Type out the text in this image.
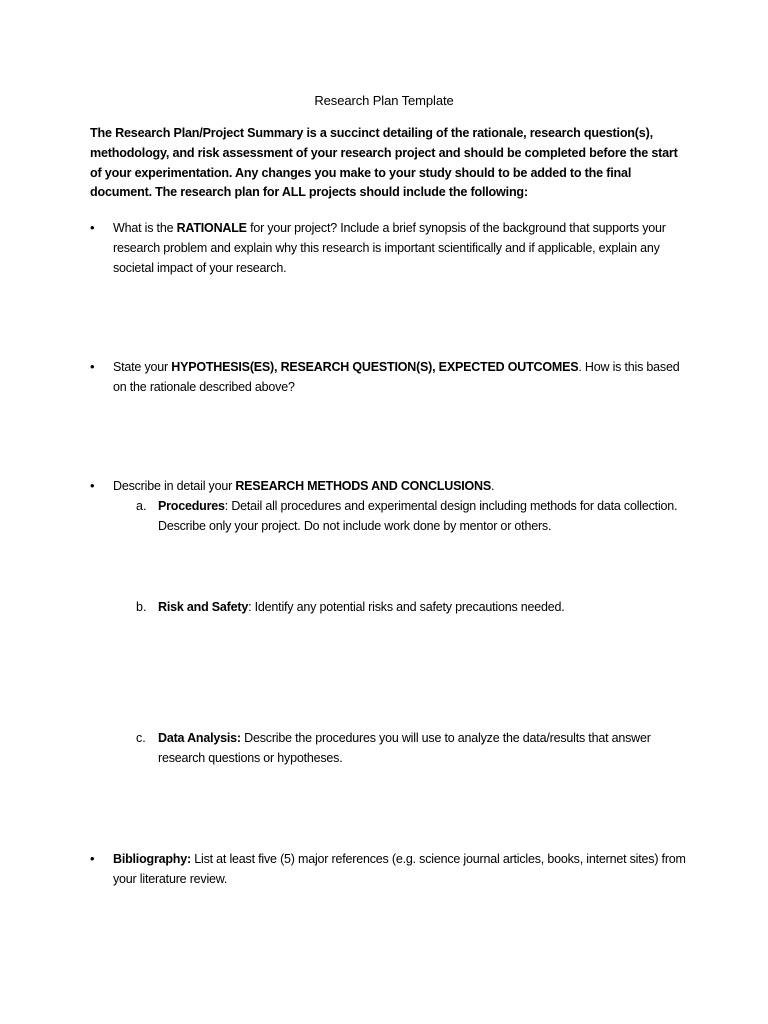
Research Plan Template
The Research Plan/Project Summary is a succinct detailing of the rationale, research question(s), methodology, and risk assessment of your research project and should be completed before the start of your experimentation. Any changes you make to your study should to be added to the final document. The research plan for ALL projects should include the following:
•	What is the RATIONALE for your project? Include a brief synopsis of the background that supports your research problem and explain why this research is important scientifically and if applicable, explain any societal impact of your research.
•	State your HYPOTHESIS(ES), RESEARCH QUESTION(S), EXPECTED OUTCOMES. How is this based on the rationale described above?
•	Describe in detail your RESEARCH METHODS AND CONCLUSIONS.
a. Procedures: Detail all procedures and experimental design including methods for data collection. Describe only your project. Do not include work done by mentor or others.
b. Risk and Safety: Identify any potential risks and safety precautions needed.
c. Data Analysis: Describe the procedures you will use to analyze the data/results that answer research questions or hypotheses.
•	Bibliography: List at least five (5) major references (e.g. science journal articles, books, internet sites) from your literature review.
